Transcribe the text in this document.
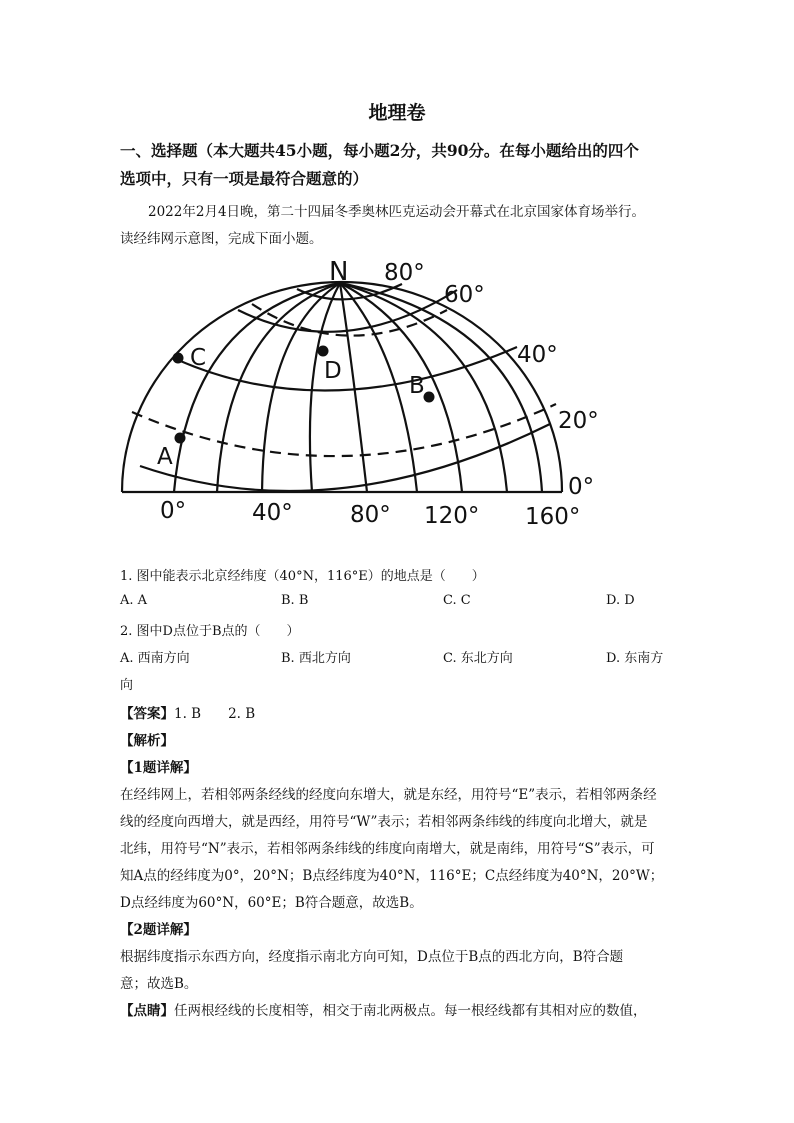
地理卷
一、选择题（本大题共45小题，每小题2分，共90分。在每小题给出的四个
选项中，只有一项是最符合题意的）
2022年2月4日晚，第二十四届冬季奥林匹克运动会开幕式在北京国家体育场举行。
读经纬网示意图，完成下面小题。
N
A
B
C	D
80°
60°
40°
20°
0°
0°	40° 80° 120° 160°
1. 图中能表示北京经纬度（40°N，116°E）的地点是（　　）
A. A	B. B	C. C	D. D
2. 图中D点位于B点的（　　）
A. 西南方向	B. 西北方向	C. 东北方向	D. 东南方
向
【答案】1. B　　2. B
【解析】
【1题详解】
在经纬网上，若相邻两条经线的经度向东增大，就是东经，用符号“E”表示，若相邻两条经
线的经度向西增大，就是西经，用符号“W”表示；若相邻两条纬线的纬度向北增大，就是
北纬，用符号“N”表示，若相邻两条纬线的纬度向南增大，就是南纬，用符号“S”表示，可
知A点的经纬度为0°，20°N；B点经纬度为40°N，116°E；C点经纬度为40°N，20°W；
D点经纬度为60°N，60°E；B符合题意，故选B。
【2题详解】
根据纬度指示东西方向，经度指示南北方向可知，D点位于B点的西北方向，B符合题
意；故选B。
【点睛】任两根经线的长度相等，相交于南北两极点。每一根经线都有其相对应的数值，
